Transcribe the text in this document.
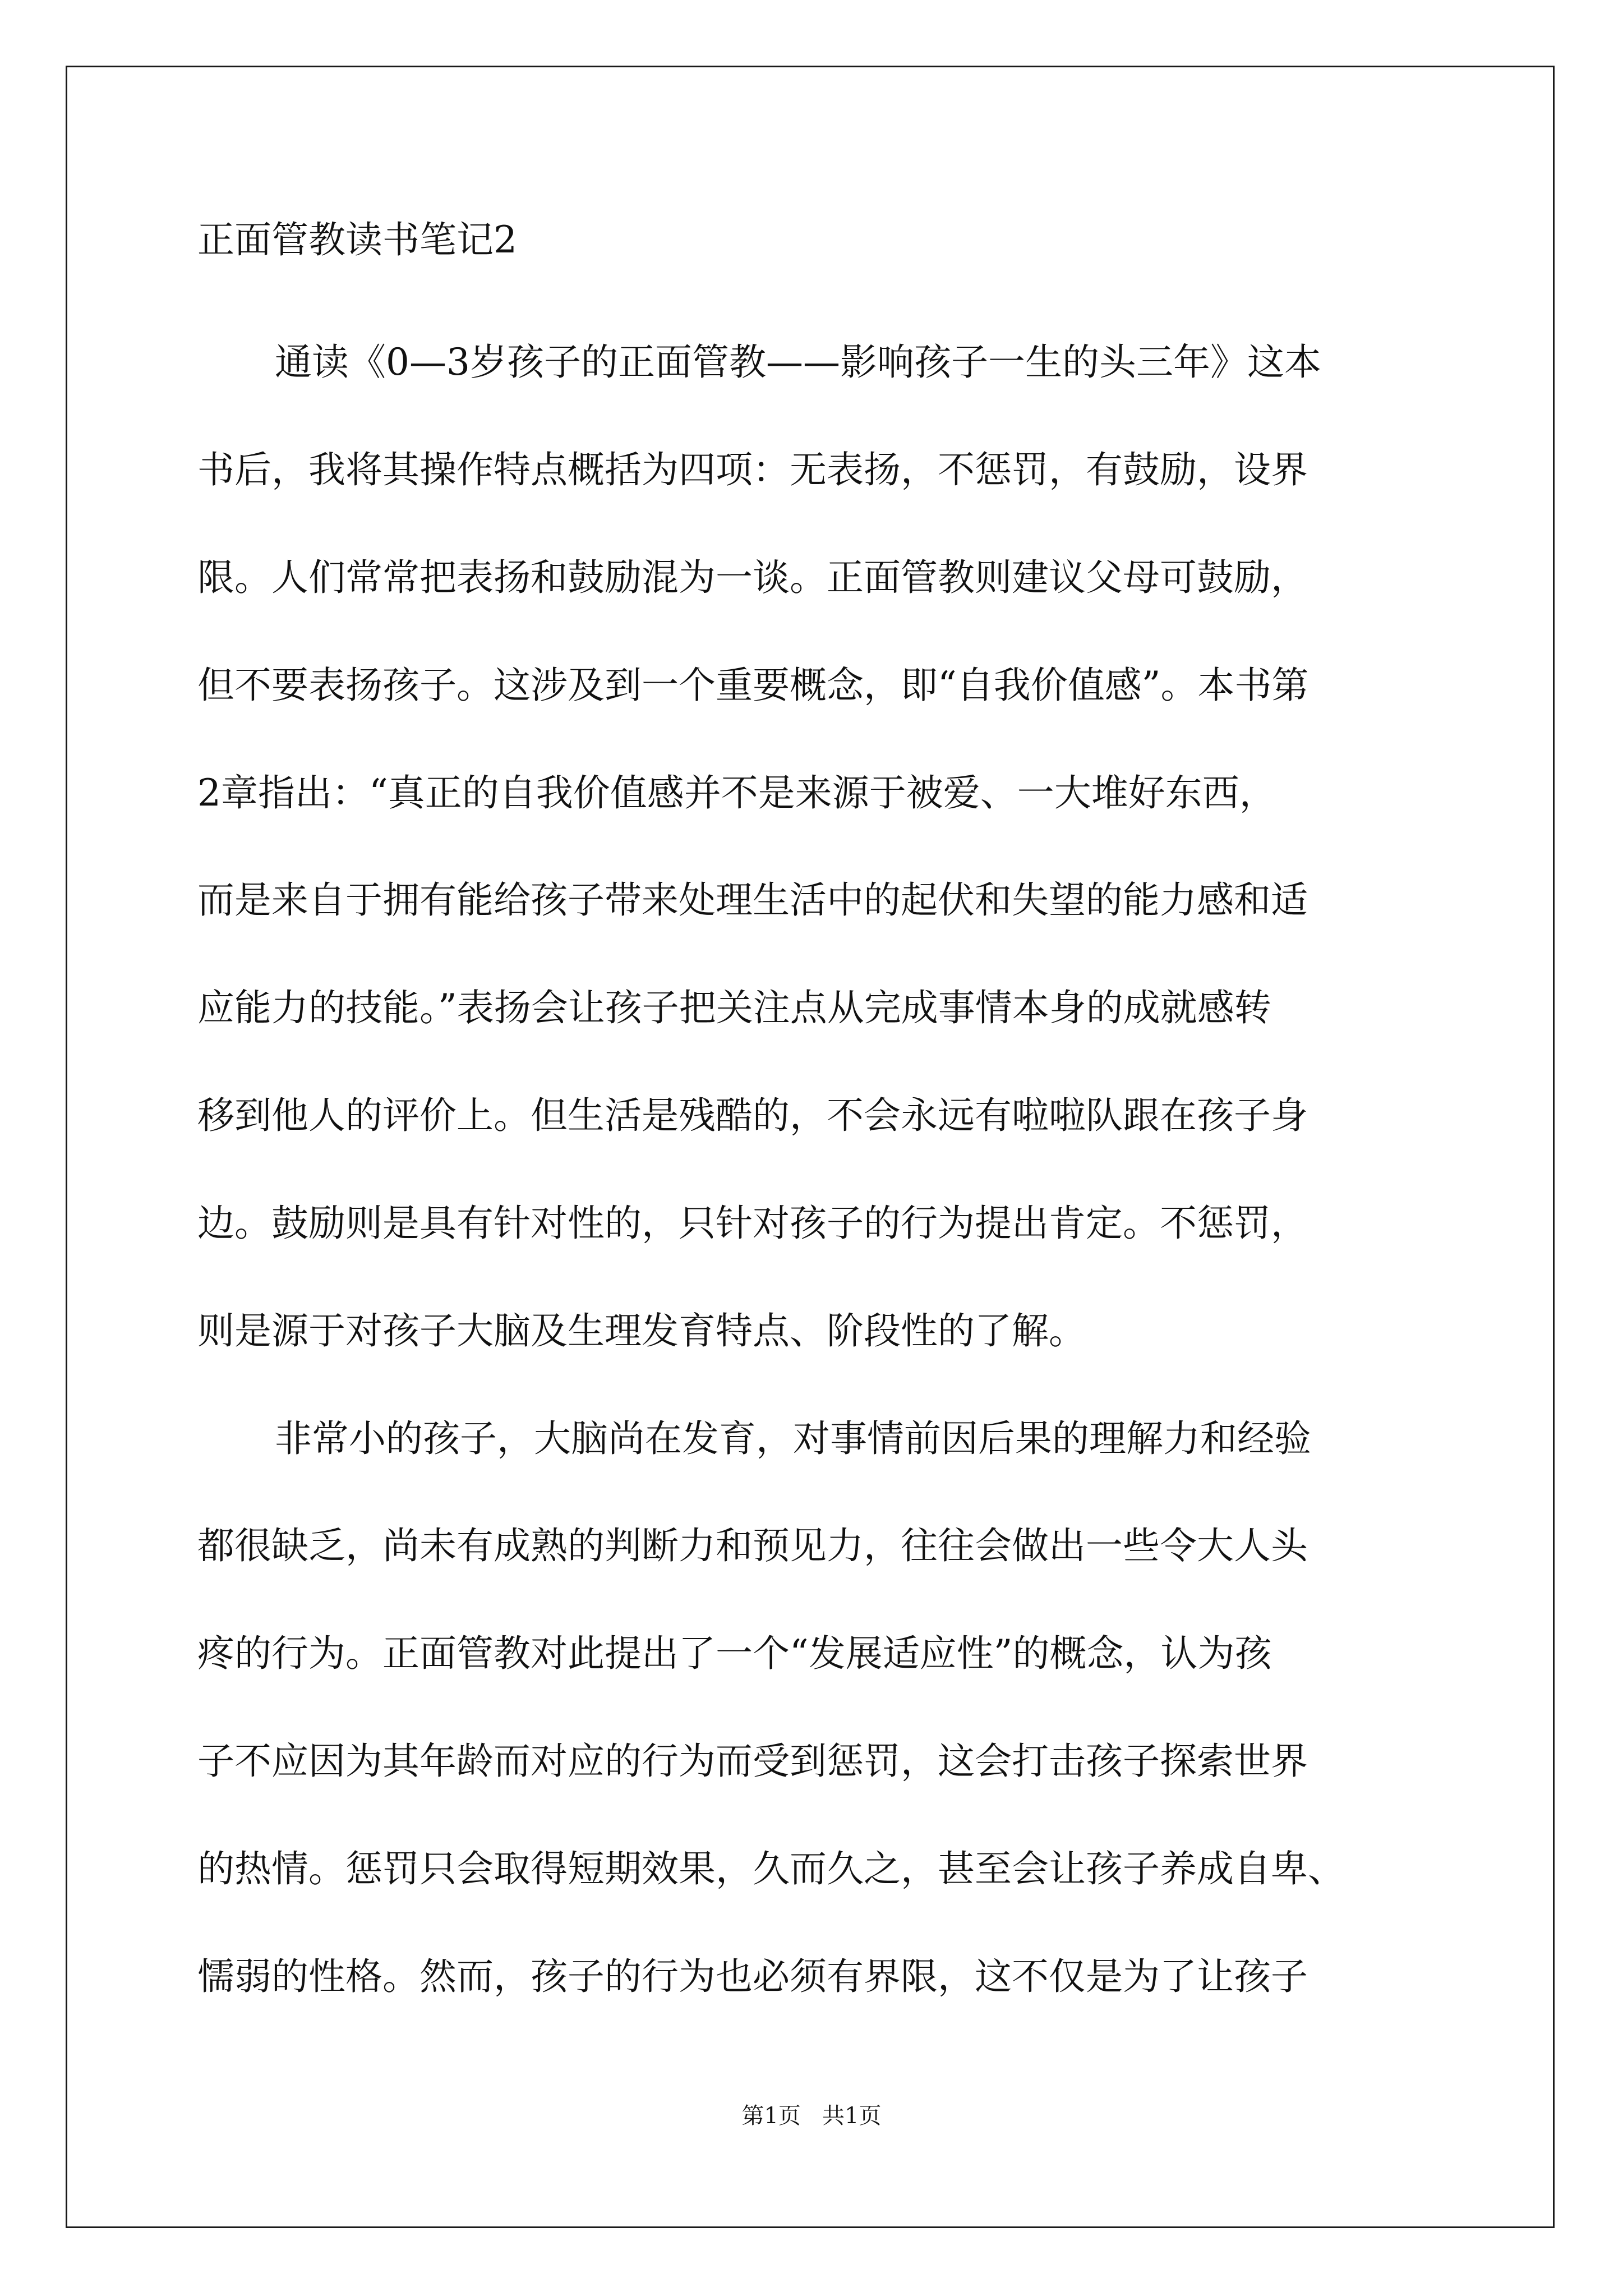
正面管教读书笔记2
通读《0—3岁孩子的正面管教——影响孩子一生的头三年》这本
书后，我将其操作特点概括为四项：无表扬，不惩罚，有鼓励，设界
限。人们常常把表扬和鼓励混为一谈。正面管教则建议父母可鼓励，
但不要表扬孩子。这涉及到一个重要概念，即“自我价值感”。本书第
2章指出：“真正的自我价值感并不是来源于被爱、一大堆好东西，
而是来自于拥有能给孩子带来处理生活中的起伏和失望的能力感和适
应能力的技能。”表扬会让孩子把关注点从完成事情本身的成就感转
移到他人的评价上。但生活是残酷的，不会永远有啦啦队跟在孩子身
边。鼓励则是具有针对性的，只针对孩子的行为提出肯定。不惩罚，
则是源于对孩子大脑及生理发育特点、阶段性的了解。
非常小的孩子，大脑尚在发育，对事情前因后果的理解力和经验
都很缺乏，尚未有成熟的判断力和预见力，往往会做出一些令大人头
疼的行为。正面管教对此提出了一个“发展适应性”的概念，认为孩
子不应因为其年龄而对应的行为而受到惩罚，这会打击孩子探索世界
的热情。惩罚只会取得短期效果，久而久之，甚至会让孩子养成自卑、
懦弱的性格。然而，孩子的行为也必须有界限，这不仅是为了让孩子
第1页   共1页
